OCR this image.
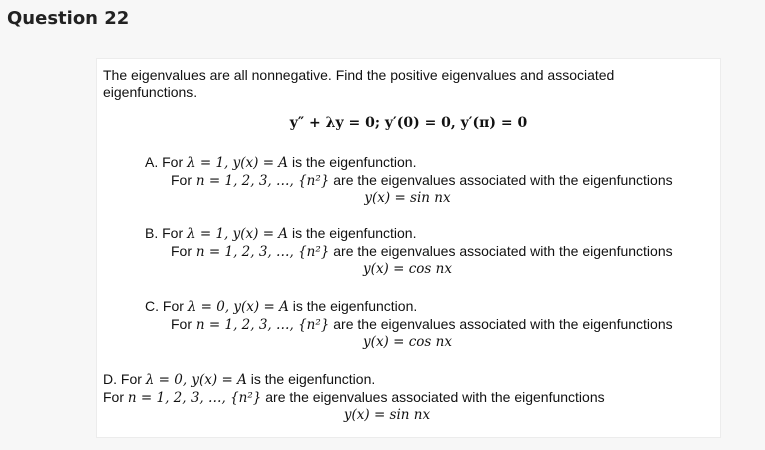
Question 22
The eigenvalues are all nonnegative. Find the positive eigenvalues and associated eigenfunctions.
y″ + λy = 0; y′(0) = 0, y′(π) = 0
A. For λ = 1, y(x) = A is the eigenfunction.
For n = 1, 2, 3, …, {n²} are the eigenvalues associated with the eigenfunctions
y(x) = sin nx
B. For λ = 1, y(x) = A is the eigenfunction.
For n = 1, 2, 3, …, {n²} are the eigenvalues associated with the eigenfunctions
y(x) = cos nx
C. For λ = 0, y(x) = A is the eigenfunction.
For n = 1, 2, 3, …, {n²} are the eigenvalues associated with the eigenfunctions
y(x) = cos nx
D. For λ = 0, y(x) = A is the eigenfunction.
For n = 1, 2, 3, …, {n²} are the eigenvalues associated with the eigenfunctions
y(x) = sin nx
